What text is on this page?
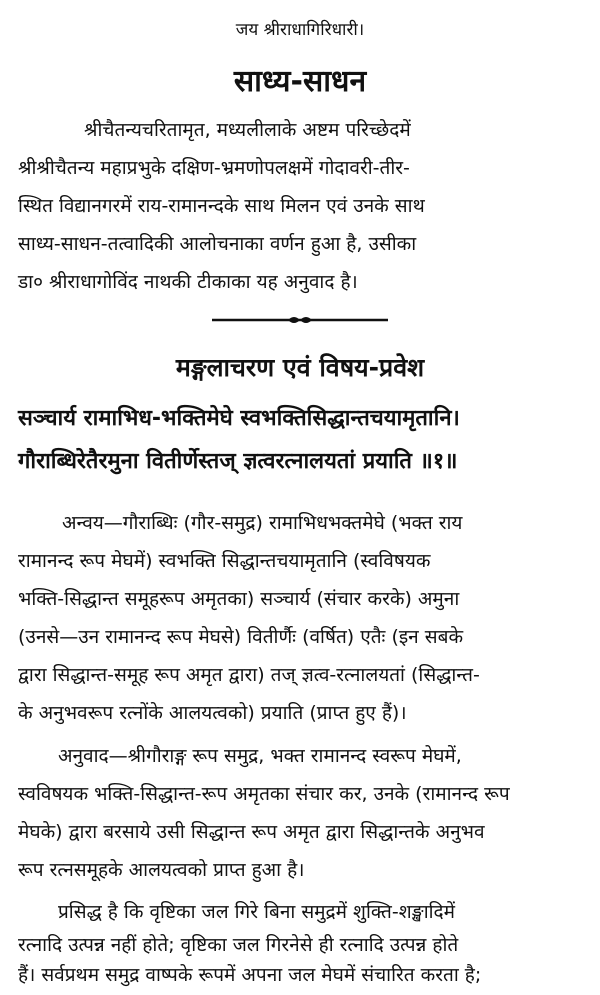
जय श्रीराधागिरिधारी।
साध्य-साधन
श्रीचैतन्यचरितामृत, मध्यलीलाके अष्टम परिच्छेदमें
श्रीश्रीचैतन्य महाप्रभुके दक्षिण-भ्रमणोपलक्षमें गोदावरी-तीर-
स्थित विद्यानगरमें राय-रामानन्दके साथ मिलन एवं उनके साथ
साध्य-साधन-तत्वादिकी आलोचनाका वर्णन हुआ है, उसीका
डा० श्रीराधागोविंद नाथकी टीकाका यह अनुवाद है।
मङ्गलाचरण एवं विषय-प्रवेश
सञ्चार्य रामाभिध-भक्तिमेघे स्वभक्तिसिद्धान्तचयामृतानि।
गौराब्धिरेतैरमुना वितीर्णेस्तज् ज्ञत्वरत्नालयतां प्रयाति ॥१॥
अन्वय—गौराब्धिः (गौर-समुद्र) रामाभिधभक्तमेघे (भक्त राय
रामानन्द रूप मेघमें) स्वभक्ति सिद्धान्तचयामृतानि (स्वविषयक
भक्ति-सिद्धान्त समूहरूप अमृतका) सञ्चार्य (संचार करके) अमुना
(उनसे—उन रामानन्द रूप मेघसे) वितीर्णैः (वर्षित) एतैः (इन सबके
द्वारा सिद्धान्त-समूह रूप अमृत द्वारा) तज् ज्ञत्व-रत्नालयतां (सिद्धान्त-
के अनुभवरूप रत्नोंके आलयत्वको) प्रयाति (प्राप्त हुए हैं)।
अनुवाद—श्रीगौराङ्ग रूप समुद्र, भक्त रामानन्द स्वरूप मेघमें,
स्वविषयक भक्ति-सिद्धान्त-रूप अमृतका संचार कर, उनके (रामानन्द रूप
मेघके) द्वारा बरसाये उसी सिद्धान्त रूप अमृत द्वारा सिद्धान्तके अनुभव
रूप रत्नसमूहके आलयत्वको प्राप्त हुआ है।
प्रसिद्ध है कि वृष्टिका जल गिरे बिना समुद्रमें शुक्ति-शङ्खादिमें
रत्नादि उत्पन्न नहीं होते; वृष्टिका जल गिरनेसे ही रत्नादि उत्पन्न होते
हैं। सर्वप्रथम समुद्र वाष्पके रूपमें अपना जल मेघमें संचारित करता है;
